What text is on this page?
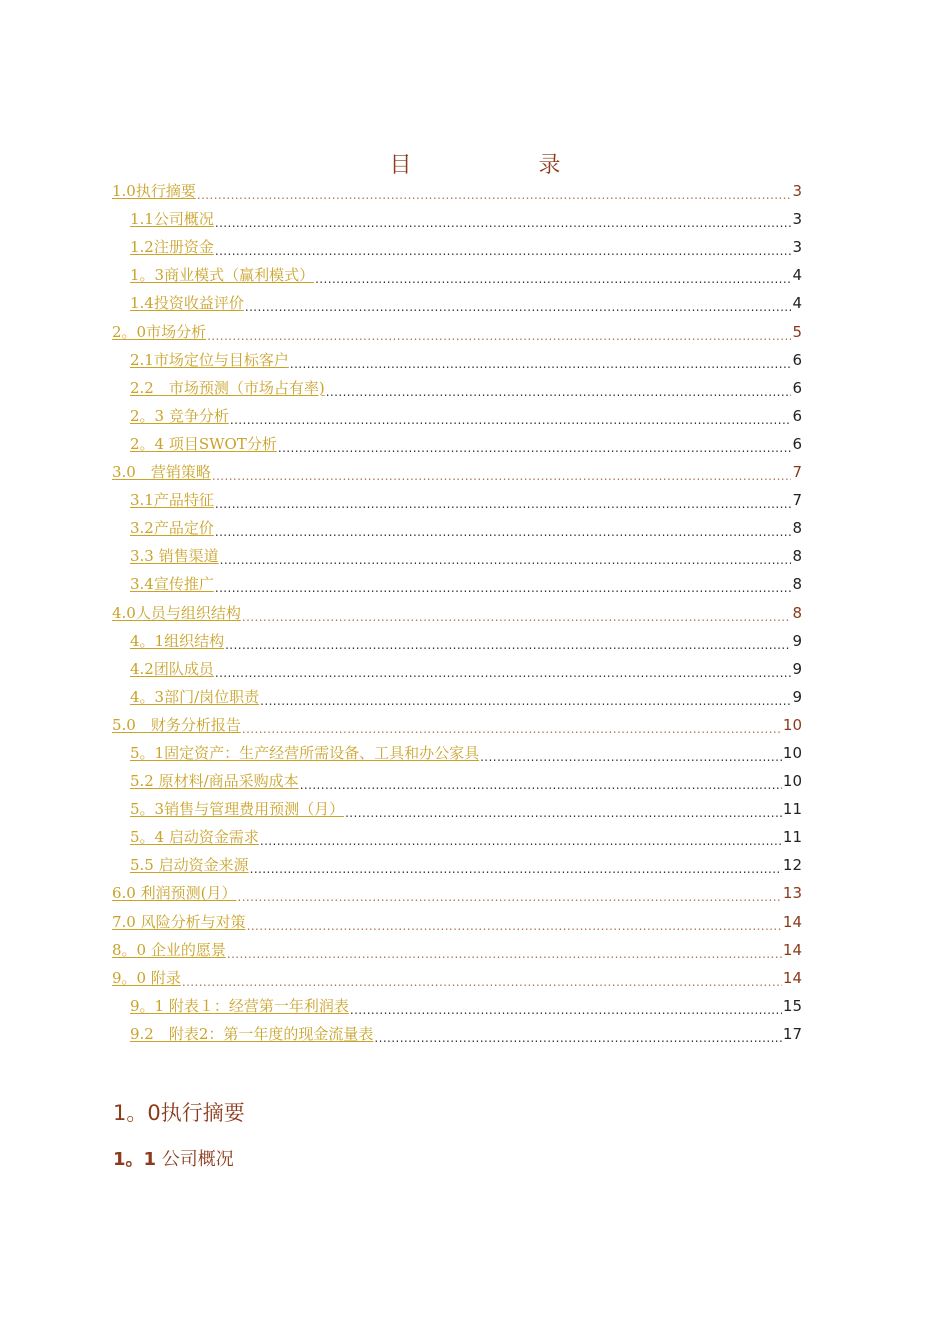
目 录
1.0执行摘要 .....	3
1.1公司概况 .....	3
1.2注册资金 .....	3
1。3商业模式（赢利模式） .....	4
1.4投资收益评价 .....	4
2。0市场分析 .....	5
2.1市场定位与目标客户 .....	6
2.2　市场预测（市场占有率) .....	6
2。3 竞争分析 .....	6
2。4 项目SWOT分析 .....	6
3.0　营销策略 .....	7
3.1产品特征 .....	7
3.2产品定价 .....	8
3.3 销售渠道 .....	8
3.4宣传推广 .....	8
4.0人员与组织结构 .....	8
4。1组织结构 .....	9
4.2团队成员 .....	9
4。3部门/岗位职责 .....	9
5.0　财务分析报告 .....	10
5。1固定资产：生产经营所需设备、工具和办公家具 .....	10
5.2 原材料/商品采购成本 .....	10
5。3销售与管理费用预测（月） .....	11
5。4 启动资金需求 .....	11
5.5 启动资金来源 .....	12
6.0 利润预测(月） .....	13
7.0 风险分析与对策 .....	14
8。0 企业的愿景 .....	14
9。0 附录 .....	14
9。1 附表１：经营第一年利润表 .....	15
9.2　附表2：第一年度的现金流量表 .....	17
1。0执行摘要
1。1 公司概况
